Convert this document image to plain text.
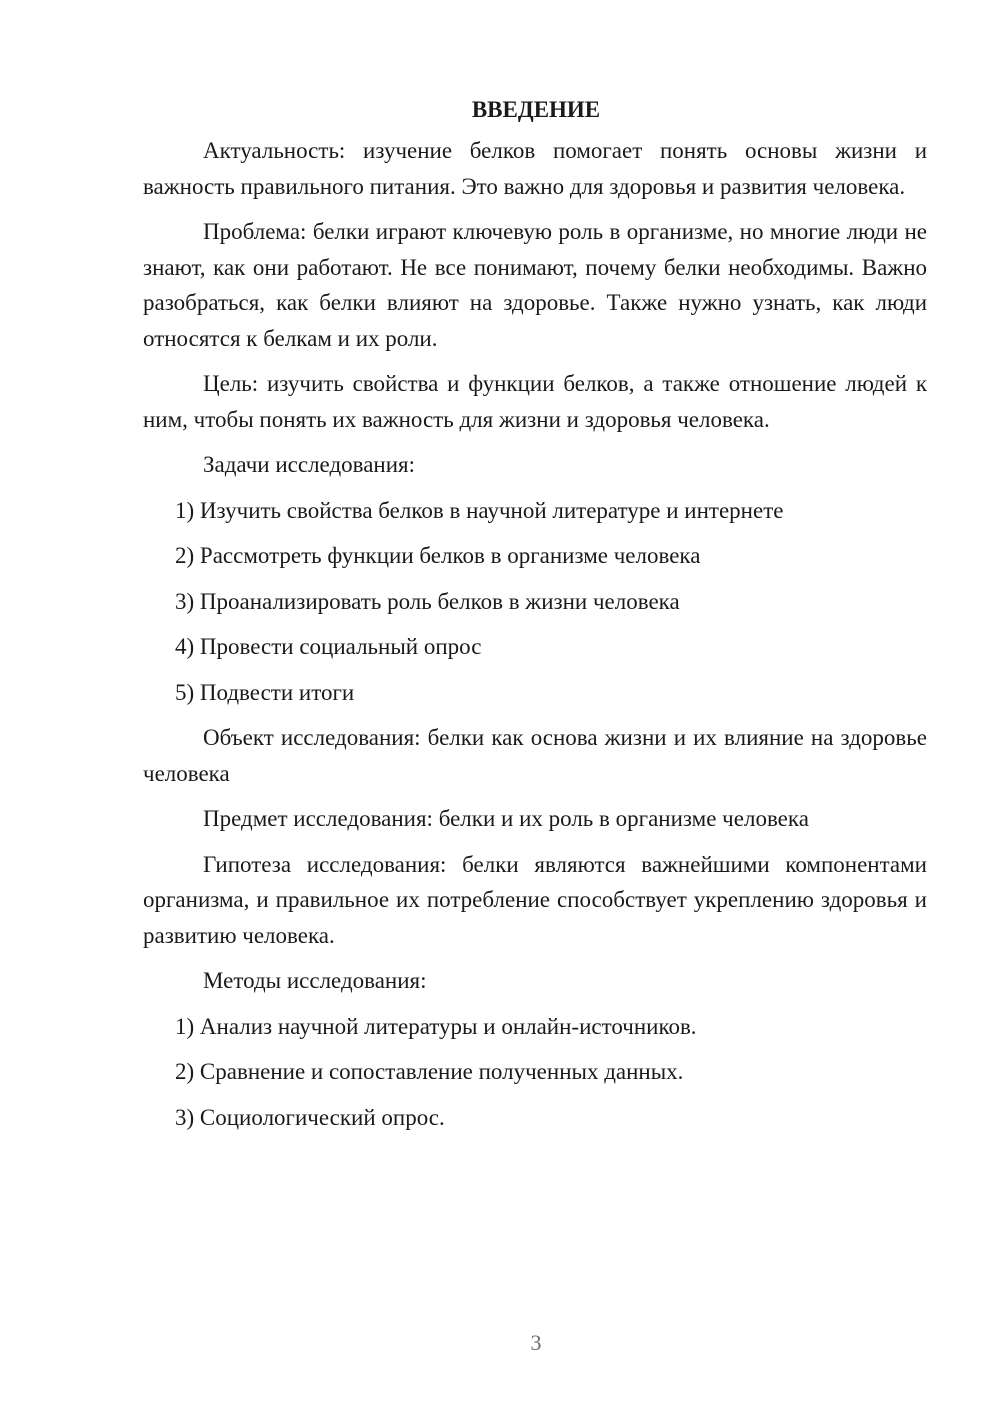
ВВЕДЕНИЕ

Актуальность: изучение белков помогает понять основы жизни и важность правильного питания. Это важно для здоровья и развития человека.

Проблема: белки играют ключевую роль в организме, но многие люди не знают, как они работают. Не все понимают, почему белки необходимы. Важно разобраться, как белки влияют на здоровье. Также нужно узнать, как люди относятся к белкам и их роли.

Цель: изучить свойства и функции белков, а также отношение людей к ним, чтобы понять их важность для жизни и здоровья человека.

Задачи исследования:

1) Изучить свойства белков в научной литературе и интернете

2) Рассмотреть функции белков в организме человека

3) Проанализировать роль белков в жизни человека

4) Провести социальный опрос

5) Подвести итоги

Объект исследования: белки как основа жизни и их влияние на здоровье человека

Предмет исследования: белки и их роль в организме человека

Гипотеза исследования: белки являются важнейшими компонентами организма, и правильное их потребление способствует укреплению здоровья и развитию человека.

Методы исследования:

1) Анализ научной литературы и онлайн-источников.

2) Сравнение и сопоставление полученных данных.

3) Социологический опрос.

3
